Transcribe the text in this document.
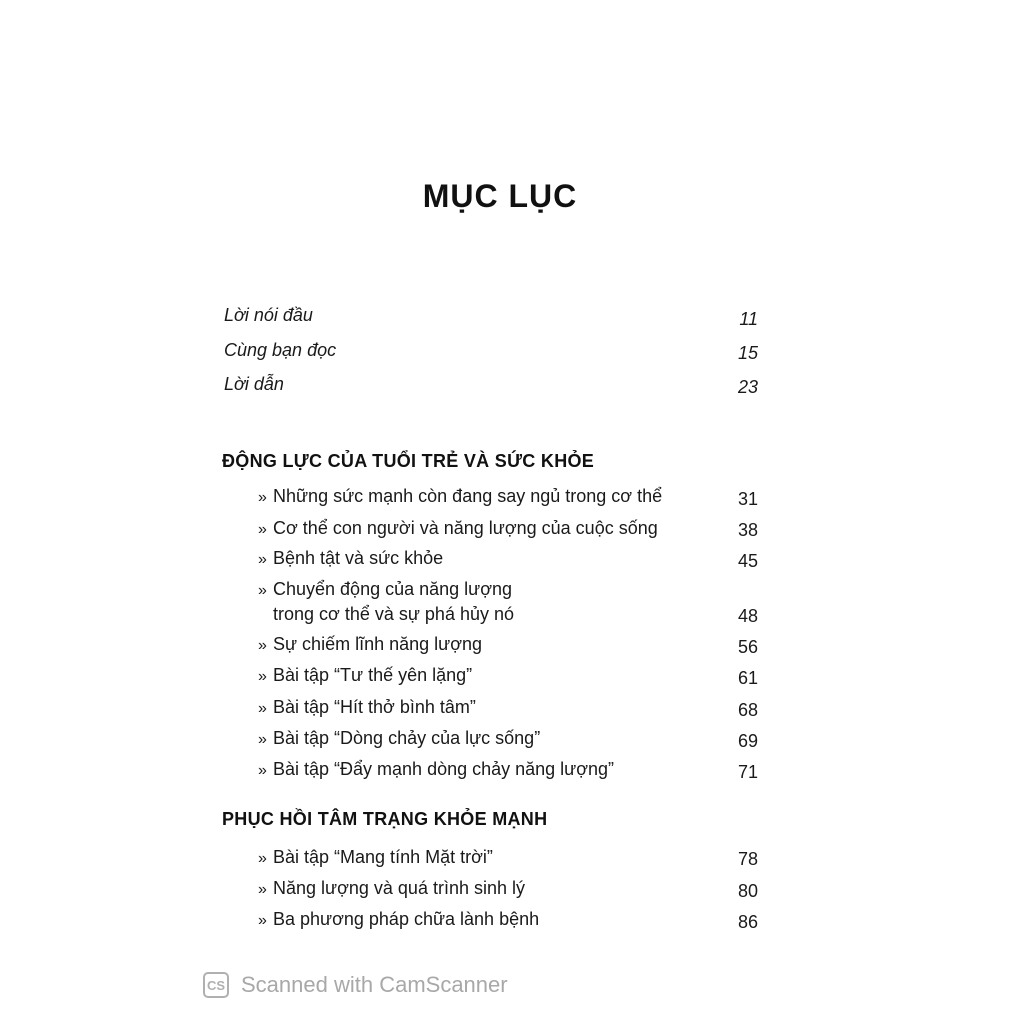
MỤC LỤC
Lời nói đầu	11
Cùng bạn đọc	15
Lời dẫn	23
ĐỘNG LỰC CỦA TUỔI TRẺ VÀ SỨC KHỎE
» Những sức mạnh còn đang say ngủ trong cơ thể	31
» Cơ thể con người và năng lượng của cuộc sống	38
» Bệnh tật và sức khỏe	45
» Chuyển động của năng lượng
trong cơ thể và sự phá hủy nó	48
» Sự chiếm lĩnh năng lượng	56
» Bài tập “Tư thế yên lặng”	61
» Bài tập “Hít thở bình tâm”	68
» Bài tập “Dòng chảy của lực sống”	69
» Bài tập “Đẩy mạnh dòng chảy năng lượng”	71
PHỤC HỒI TÂM TRẠNG KHỎE MẠNH
» Bài tập “Mang tính Mặt trời”	78
» Năng lượng và quá trình sinh lý	80
» Ba phương pháp chữa lành bệnh	86
CS Scanned with CamScanner
